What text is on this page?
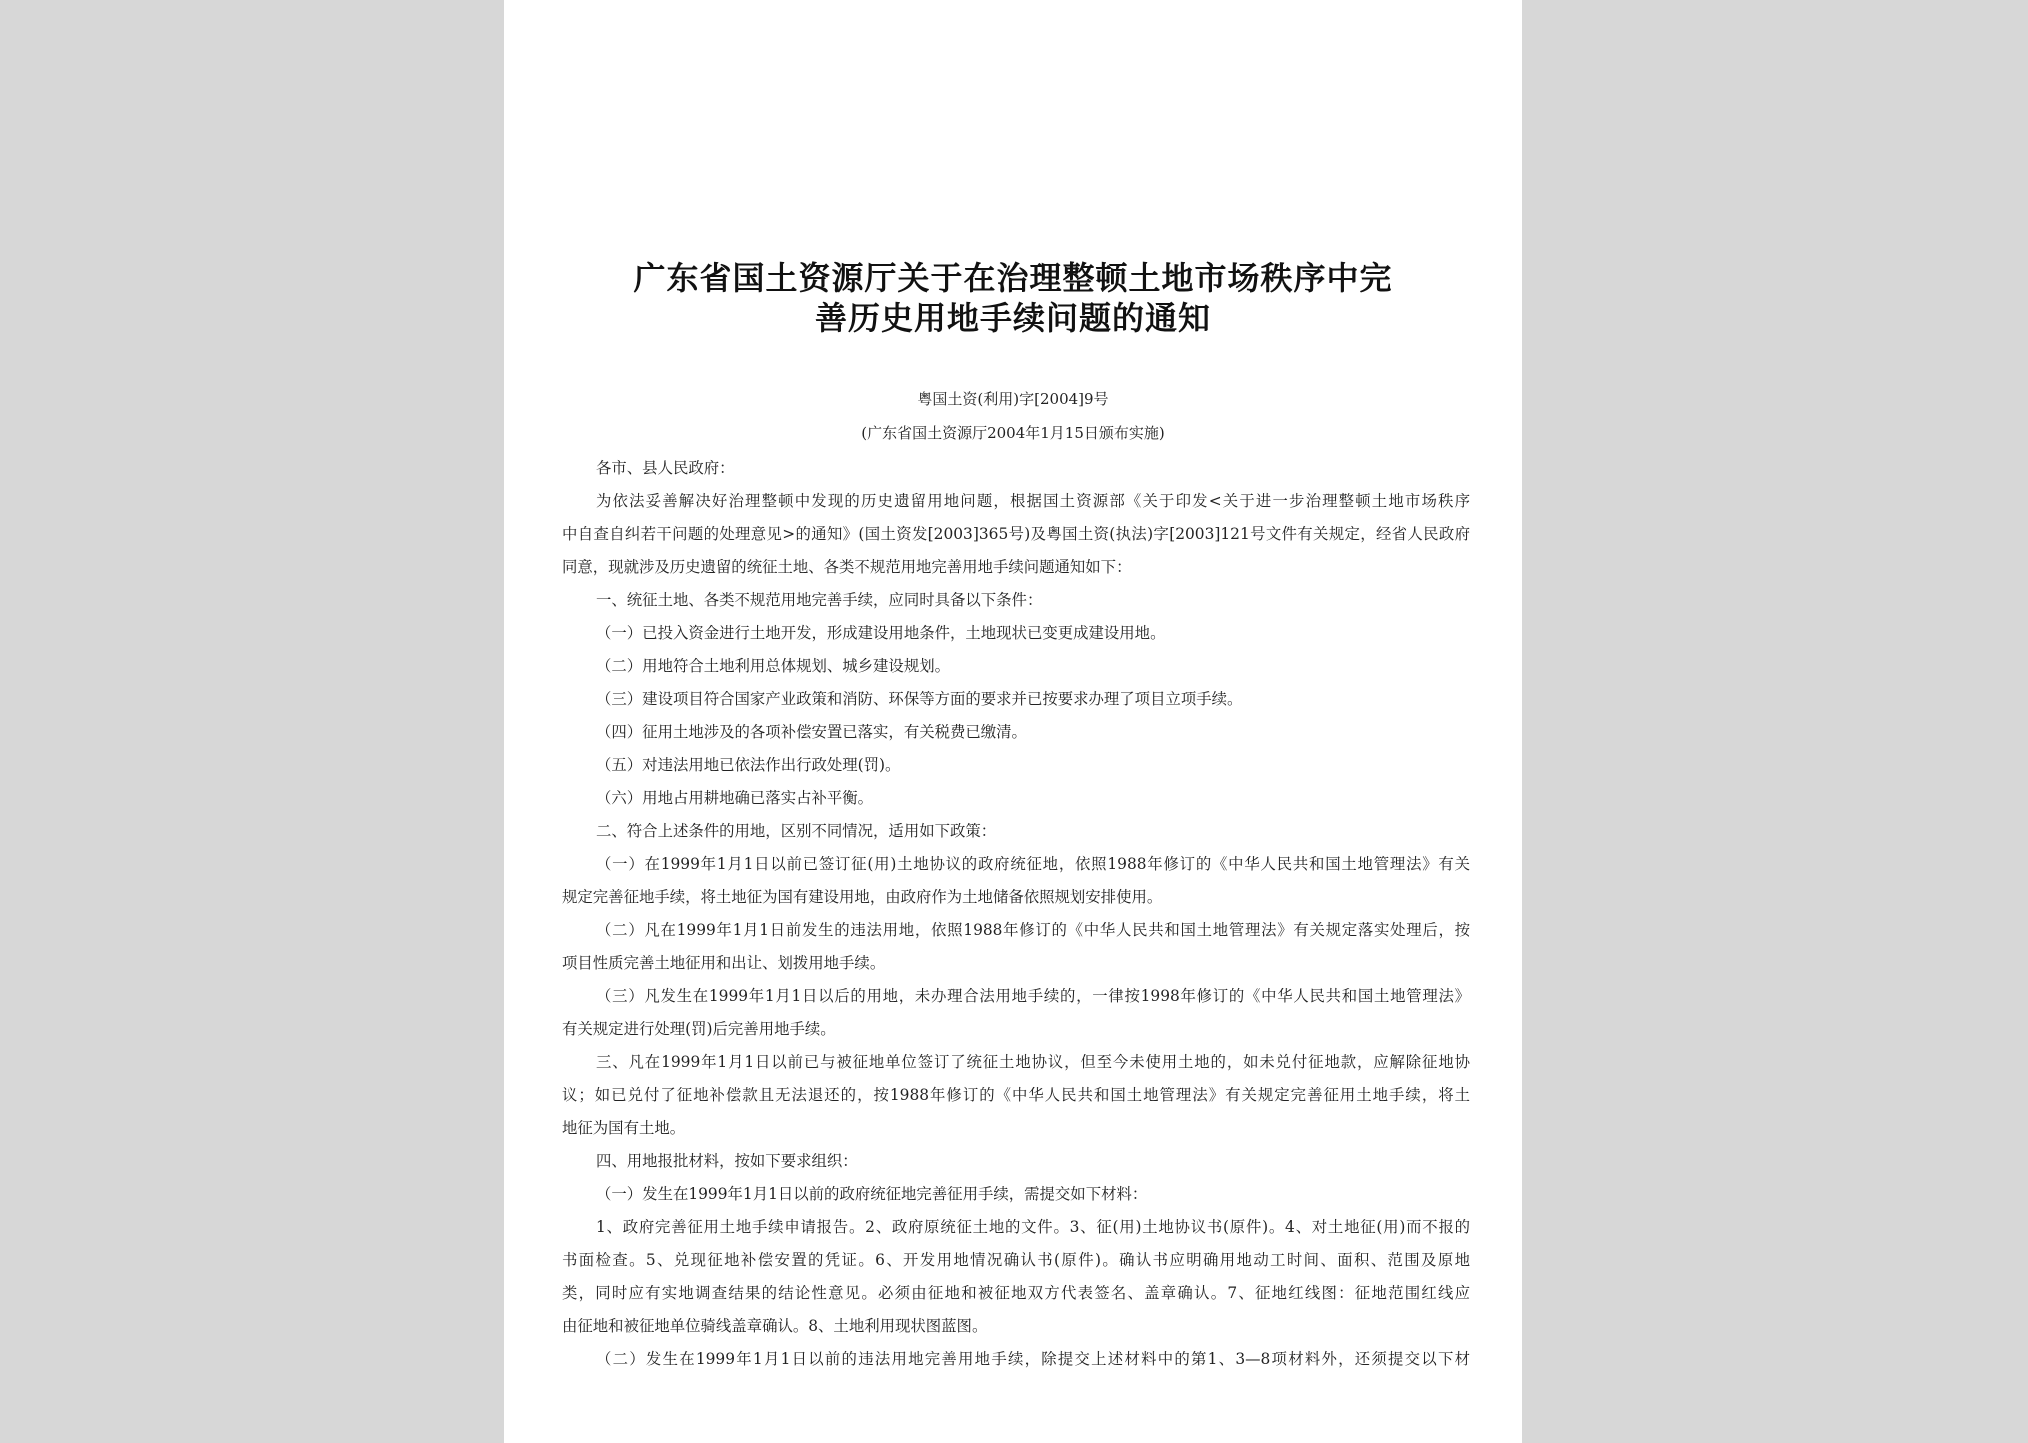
广东省国土资源厅关于在治理整顿土地市场秩序中完
善历史用地手续问题的通知
粤国土资(利用)字[2004]9号
(广东省国土资源厅2004年1月15日颁布实施)
各市、县人民政府：
为依法妥善解决好治理整顿中发现的历史遗留用地问题，根据国土资源部《关于印发<关于进一步治理整顿土地市场秩序
中自查自纠若干问题的处理意见>的通知》(国土资发[2003]365号)及粤国土资(执法)字[2003]121号文件有关规定，经省人民政府
同意，现就涉及历史遗留的统征土地、各类不规范用地完善用地手续问题通知如下：
一、统征土地、各类不规范用地完善手续，应同时具备以下条件：
（一）已投入资金进行土地开发，形成建设用地条件，土地现状已变更成建设用地。
（二）用地符合土地利用总体规划、城乡建设规划。
（三）建设项目符合国家产业政策和消防、环保等方面的要求并已按要求办理了项目立项手续。
（四）征用土地涉及的各项补偿安置已落实，有关税费已缴清。
（五）对违法用地已依法作出行政处理(罚)。
（六）用地占用耕地确已落实占补平衡。
二、符合上述条件的用地，区别不同情况，适用如下政策：
（一）在1999年1月1日以前已签订征(用)土地协议的政府统征地，依照1988年修订的《中华人民共和国土地管理法》有关
规定完善征地手续，将土地征为国有建设用地，由政府作为土地储备依照规划安排使用。
（二）凡在1999年1月1日前发生的违法用地，依照1988年修订的《中华人民共和国土地管理法》有关规定落实处理后，按
项目性质完善土地征用和出让、划拨用地手续。
（三）凡发生在1999年1月1日以后的用地，未办理合法用地手续的，一律按1998年修订的《中华人民共和国土地管理法》
有关规定进行处理(罚)后完善用地手续。
三、凡在1999年1月1日以前已与被征地单位签订了统征土地协议，但至今未使用土地的，如未兑付征地款，应解除征地协
议；如已兑付了征地补偿款且无法退还的，按1988年修订的《中华人民共和国土地管理法》有关规定完善征用土地手续，将土
地征为国有土地。
四、用地报批材料，按如下要求组织：
（一）发生在1999年1月1日以前的政府统征地完善征用手续，需提交如下材料：
1、政府完善征用土地手续申请报告。2、政府原统征土地的文件。3、征(用)土地协议书(原件)。4、对土地征(用)而不报的
书面检查。5、兑现征地补偿安置的凭证。6、开发用地情况确认书(原件)。确认书应明确用地动工时间、面积、范围及原地
类，同时应有实地调查结果的结论性意见。必须由征地和被征地双方代表签名、盖章确认。7、征地红线图：征地范围红线应
由征地和被征地单位骑线盖章确认。8、土地利用现状图蓝图。
（二）发生在1999年1月1日以前的违法用地完善用地手续，除提交上述材料中的第1、3—8项材料外，还须提交以下材
